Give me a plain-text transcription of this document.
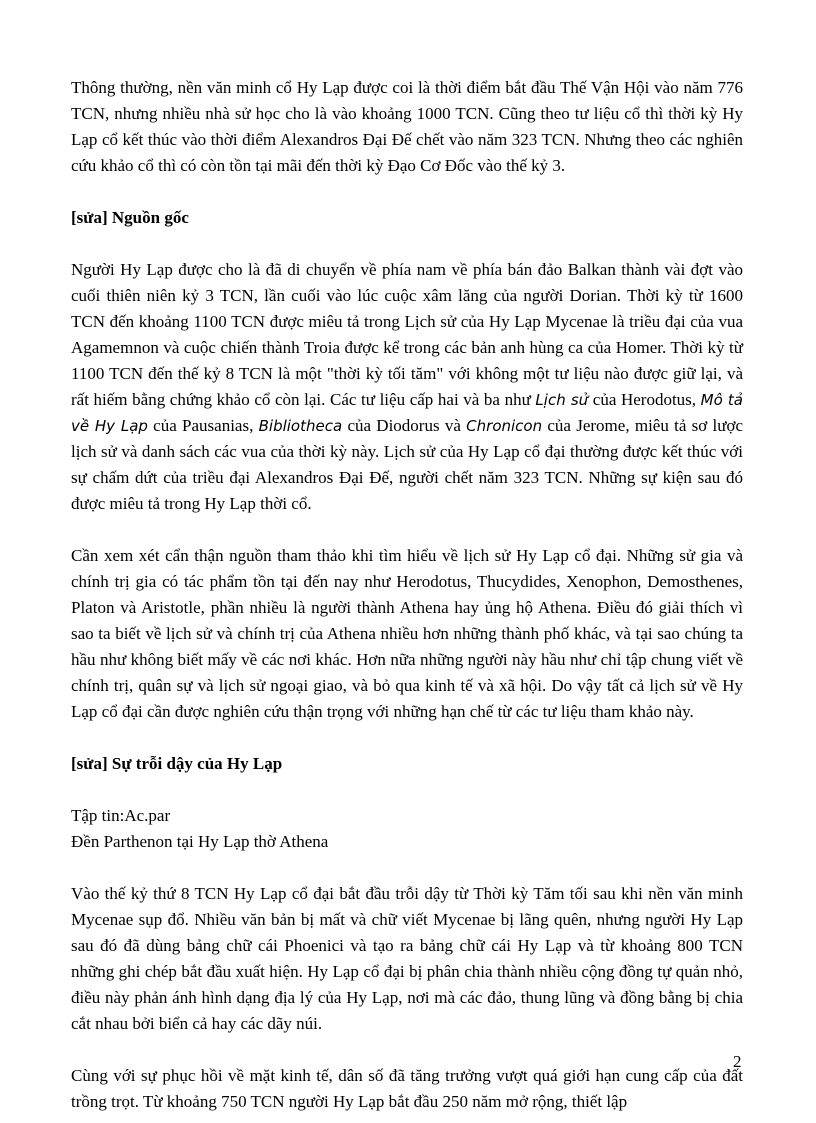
Thông thường, nền văn minh cổ Hy Lạp được coi là thời điểm bắt đầu Thế Vận Hội vào năm 776 TCN, nhưng nhiều nhà sử học cho là vào khoảng 1000 TCN. Cũng theo tư liệu cổ thì thời kỳ Hy Lạp cổ kết thúc vào thời điểm Alexandros Đại Đế chết vào năm 323 TCN. Nhưng theo các nghiên cứu khảo cổ thì có còn tồn tại mãi đến thời kỳ Đạo Cơ Đốc vào thế kỷ 3.

[sửa] Nguồn gốc

Người Hy Lạp được cho là đã di chuyển về phía nam về phía bán đảo Balkan thành vài đợt vào cuối thiên niên kỷ 3 TCN, lần cuối vào lúc cuộc xâm lăng của người Dorian. Thời kỳ từ 1600 TCN đến khoảng 1100 TCN được miêu tả trong Lịch sử của Hy Lạp Mycenae là triều đại của vua Agamemnon và cuộc chiến thành Troia được kể trong các bản anh hùng ca của Homer. Thời kỳ từ 1100 TCN đến thế kỷ 8 TCN là một "thời kỳ tối tăm" với không một tư liệu nào được giữ lại, và rất hiếm bằng chứng khảo cổ còn lại. Các tư liệu cấp hai và ba như Lịch sử của Herodotus, Mô tả về Hy Lạp của Pausanias, Bibliotheca của Diodorus và Chronicon của Jerome, miêu tả sơ lược lịch sử và danh sách các vua của thời kỳ này. Lịch sử của Hy Lạp cổ đại thường được kết thúc với sự chấm dứt của triều đại Alexandros Đại Đế, người chết năm 323 TCN. Những sự kiện sau đó được miêu tả trong Hy Lạp thời cổ.

Cần xem xét cẩn thận nguồn tham thảo khi tìm hiểu về lịch sử Hy Lạp cổ đại. Những sử gia và chính trị gia có tác phẩm tồn tại đến nay như Herodotus, Thucydides, Xenophon, Demosthenes, Platon và Aristotle, phần nhiều là người thành Athena hay ủng hộ Athena. Điều đó giải thích vì sao ta biết về lịch sử và chính trị của Athena nhiều hơn những thành phố khác, và tại sao chúng ta hầu như không biết mấy về các nơi khác. Hơn nữa những người này hầu như chỉ tập chung viết về chính trị, quân sự và lịch sử ngoại giao, và bỏ qua kinh tế và xã hội. Do vậy tất cả lịch sử về Hy Lạp cổ đại cần được nghiên cứu thận trọng với những hạn chế từ các tư liệu tham khảo này.

[sửa] Sự trỗi dậy của Hy Lạp

Tập tin:Ac.par

Đền Parthenon tại Hy Lạp thờ Athena

Vào thế kỷ thứ 8 TCN Hy Lạp cổ đại bắt đầu trỗi dậy từ Thời kỳ Tăm tối sau khi nền văn minh Mycenae sụp đổ. Nhiều văn bản bị mất và chữ viết Mycenae bị lãng quên, nhưng người Hy Lạp sau đó đã dùng bảng chữ cái Phoenici và tạo ra bảng chữ cái Hy Lạp và từ khoảng 800 TCN những ghi chép bắt đầu xuất hiện. Hy Lạp cổ đại bị phân chia thành nhiều cộng đồng tự quản nhỏ, điều này phản ánh hình dạng địa lý của Hy Lạp, nơi mà các đảo, thung lũng và đồng bằng bị chia cắt nhau bởi biển cả hay các dãy núi.

Cùng với sự phục hồi về mặt kinh tế, dân số đã tăng trưởng vượt quá giới hạn cung cấp của đất trồng trọt. Từ khoảng 750 TCN người Hy Lạp bắt đầu 250 năm mở rộng, thiết lập

2
